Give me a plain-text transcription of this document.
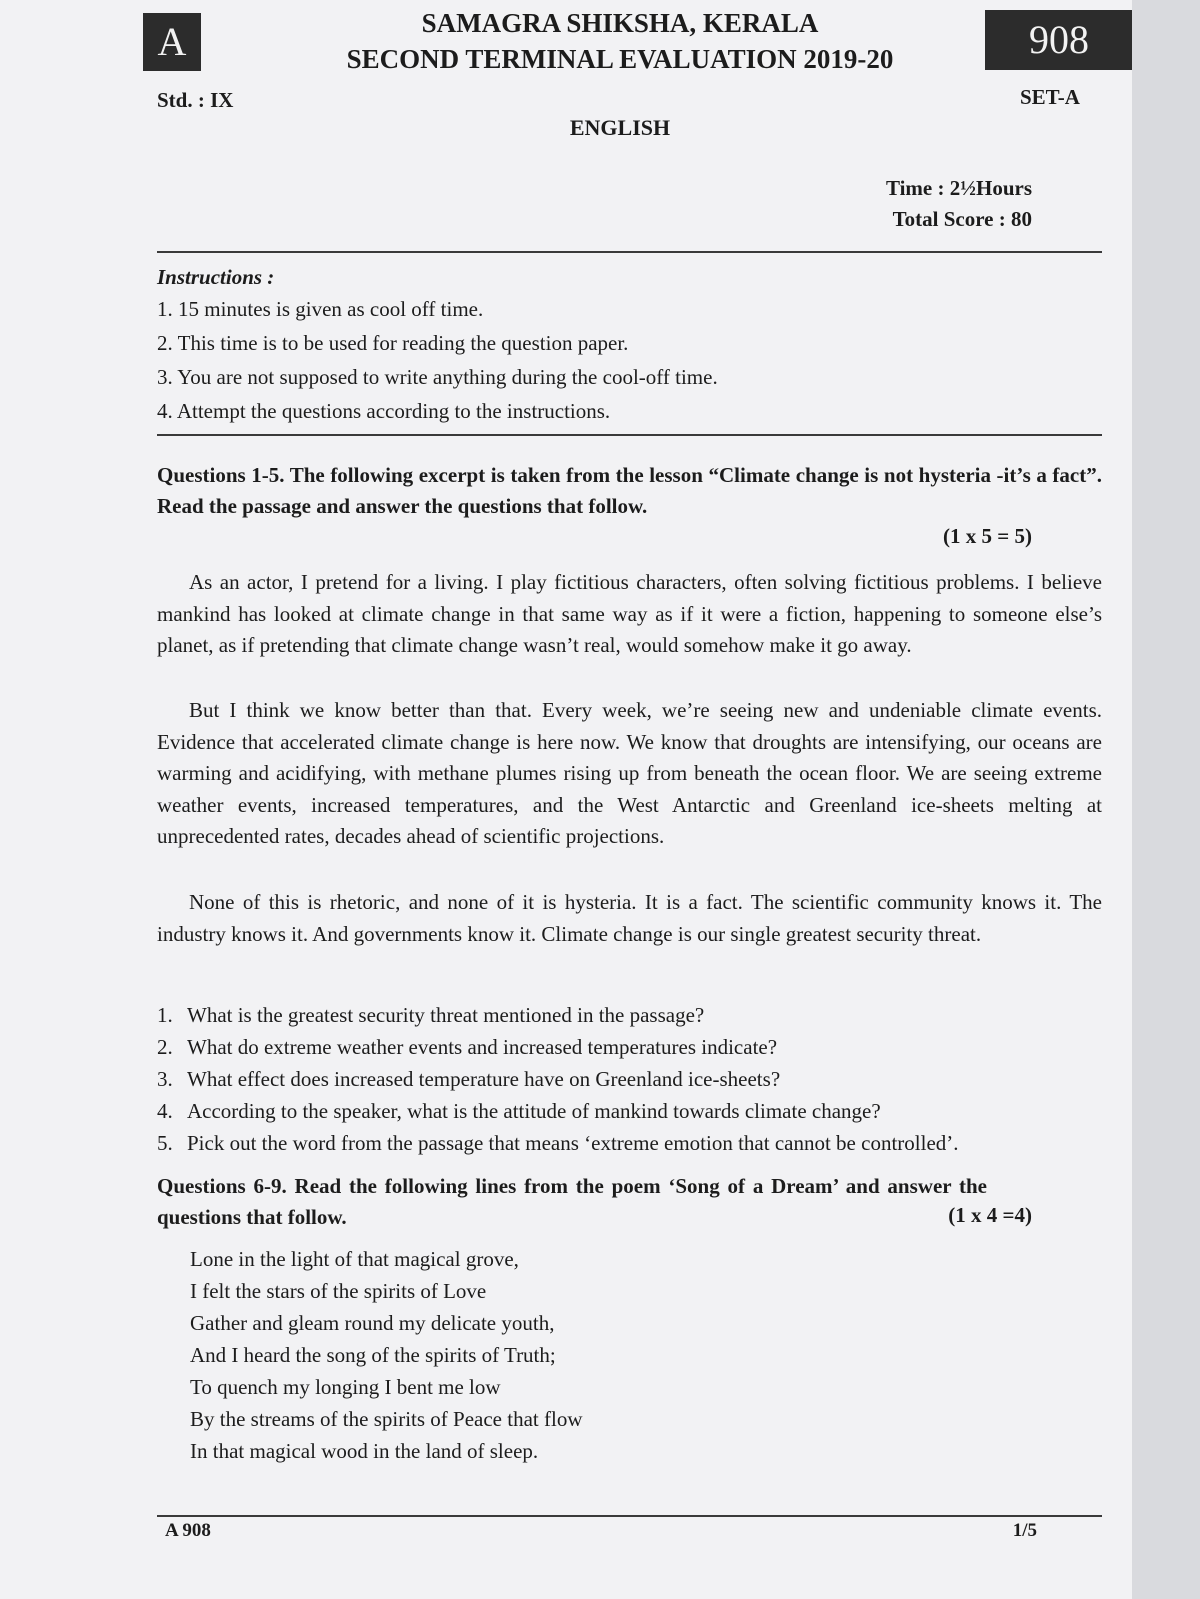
A	SAMAGRA SHIKSHA, KERALA
SECOND TERMINAL EVALUATION 2019-20	908
Std. : IX	SET-A
ENGLISH
Time : 2½Hours
Total Score : 80
Instructions :
1. 15 minutes is given as cool off time.
2. This time is to be used for reading the question paper.
3. You are not supposed to write anything during the cool-off time.
4. Attempt the questions according to the instructions.
Questions 1-5. The following excerpt is taken from the lesson “Climate change is not hysteria -it’s a fact”. Read the passage and answer the questions that follow.
(1 x 5 = 5)
As an actor, I pretend for a living. I play fictitious characters, often solving fictitious problems. I believe mankind has looked at climate change in that same way as if it were a fiction, happening to someone else’s planet, as if pretending that climate change wasn’t real, would somehow make it go away.
But I think we know better than that. Every week, we’re seeing new and undeniable climate events. Evidence that accelerated climate change is here now. We know that droughts are intensifying, our oceans are warming and acidifying, with methane plumes rising up from beneath the ocean floor. We are seeing extreme weather events, increased temperatures, and the West Antarctic and Greenland ice-sheets melting at unprecedented rates, decades ahead of scientific projections.
None of this is rhetoric, and none of it is hysteria. It is a fact. The scientific community knows it. The industry knows it. And governments know it. Climate change is our single greatest security threat.
1. What is the greatest security threat mentioned in the passage?
2. What do extreme weather events and increased temperatures indicate?
3. What effect does increased temperature have on Greenland ice-sheets?
4. According to the speaker, what is the attitude of mankind towards climate change?
5. Pick out the word from the passage that means ‘extreme emotion that cannot be controlled’.
Questions 6-9. Read the following lines from the poem ‘Song of a Dream’ and answer the questions that follow.	(1 x 4 =4)
Lone in the light of that magical grove,
I felt the stars of the spirits of Love
Gather and gleam round my delicate youth,
And I heard the song of the spirits of Truth;
To quench my longing I bent me low
By the streams of the spirits of Peace that flow
In that magical wood in the land of sleep.
A 908	1/5
